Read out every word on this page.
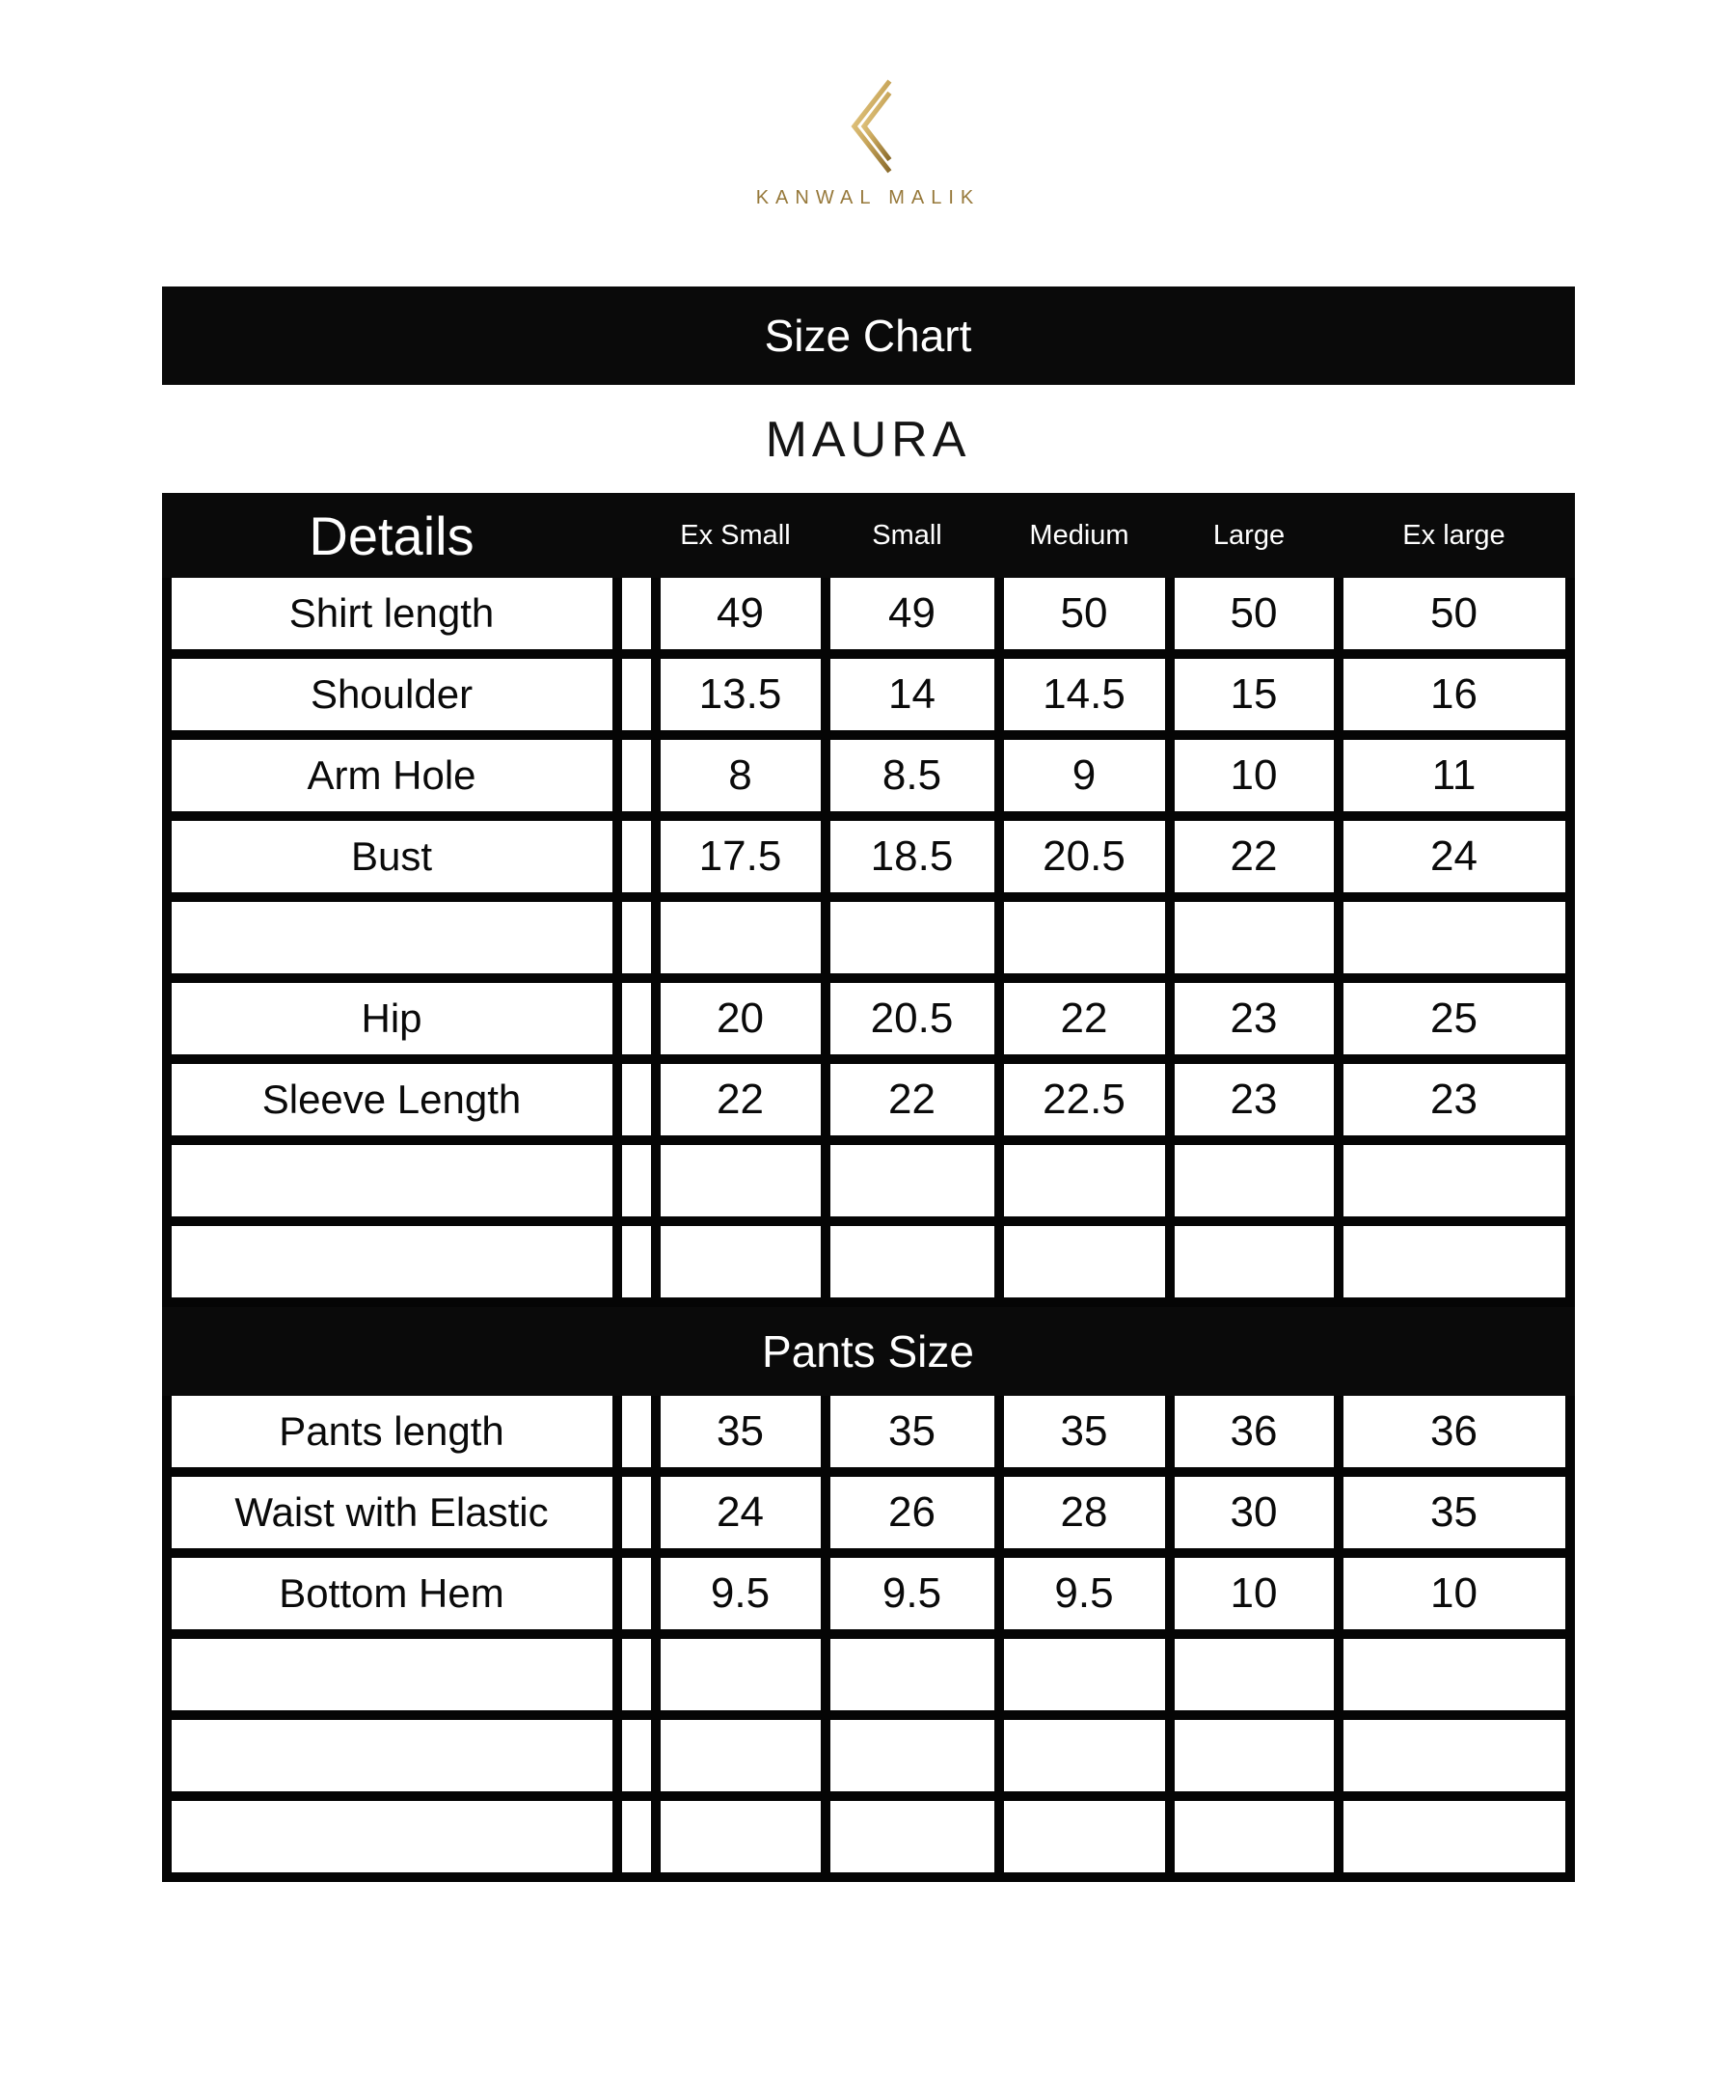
KANWAL MALIK
Size Chart
MAURA
Details	Ex Small	Small	Medium	Large	Ex large
Shirt length	49	49	50	50	50
Shoulder	13.5	14	14.5	15	16
Arm Hole	8	8.5	9	10	11
Bust	17.5	18.5	20.5	22	24
Hip	20	20.5	22	23	25
Sleeve Length	22	22	22.5	23	23
Pants Size
Pants length	35	35	35	36	36
Waist with Elastic	24	26	28	30	35
Bottom Hem	9.5	9.5	9.5	10	10
